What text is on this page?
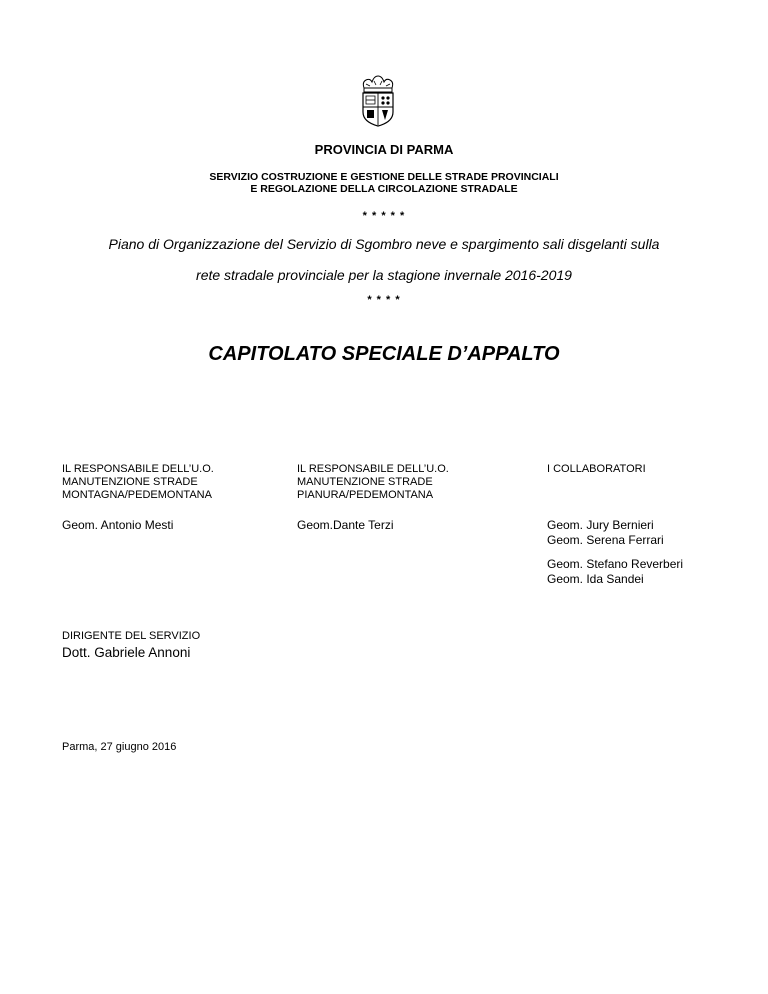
PROVINCIA DI PARMA
SERVIZIO COSTRUZIONE E GESTIONE DELLE STRADE PROVINCIALI
E REGOLAZIONE DELLA CIRCOLAZIONE STRADALE
* * * * *
Piano di Organizzazione del Servizio di Sgombro neve e spargimento sali disgelanti sulla
rete stradale provinciale per la stagione invernale 2016-2019
* * * *
CAPITOLATO SPECIALE D’APPALTO
IL RESPONSABILE DELL’U.O.
MANUTENZIONE STRADE
MONTAGNA/PEDEMONTANA
Geom. Antonio Mesti
IL RESPONSABILE DELL’U.O.
MANUTENZIONE STRADE
PIANURA/PEDEMONTANA
Geom.Dante Terzi
I COLLABORATORI
Geom. Jury Bernieri
Geom. Serena Ferrari
Geom. Stefano Reverberi
Geom. Ida Sandei
DIRIGENTE DEL SERVIZIO
Dott. Gabriele Annoni
Parma, 27 giugno 2016
